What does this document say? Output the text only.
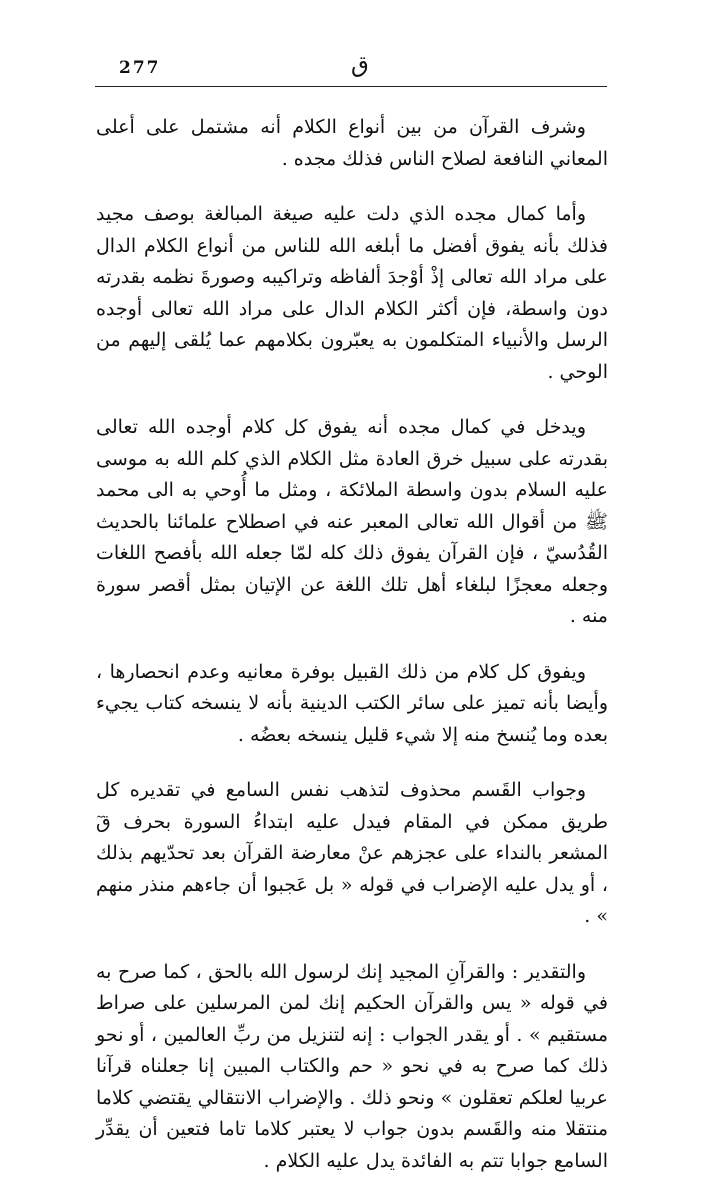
277	ق

وشرف القرآن من بين أنواع الكلام أنه مشتمل على أعلى المعاني النافعة لصلاح الناس فذلك مجده .

وأما كمال مجده الذي دلت عليه صيغة المبالغة بوصف مجيد فذلك بأنه يفوق أفضل ما أبلغه الله للناس من أنواع الكلام الدال على مراد الله تعالى إذْ أوْجدَ ألفاظه وتراكيبه وصورةَ نظمه بقدرته دون واسطة، فإن أكثر الكلام الدال على مراد الله تعالى أوجده الرسل والأنبياء المتكلمون به يعبّرون بكلامهم عما يُلقى إليهم من الوحي .

ويدخل في كمال مجده أنه يفوق كل كلام أوجده الله تعالى بقدرته على سبيل خرق العادة مثل الكلام الذي كلم الله به موسى عليه السلام بدون واسطة الملائكة ، ومثل ما أُوحي به الى محمد ﷺ من أقوال الله تعالى المعبر عنه في اصطلاح علمائنا بالحديث القُدُسيّ ، فإن القرآن يفوق ذلك كله لمّا جعله الله بأفصح اللغات وجعله معجزًا لبلغاء أهل تلك اللغة عن الإتيان بمثل أقصر سورة منه .

ويفوق كل كلام من ذلك القبيل بوفرة معانيه وعدم انحصارها ، وأيضا بأنه تميز على سائر الكتب الدينية بأنه لا ينسخه كتاب يجيء بعده وما يُنسخ منه إلا شيء قليل ينسخه بعضُه .

وجواب القَسم محذوف لتذهب نفس السامع في تقديره كل طريق ممكن في المقام فيدل عليه ابتداءُ السورة بحرف قٓ المشعر بالنداء على عجزهم عنْ معارضة القرآن بعد تحدّيهم بذلك ، أو يدل عليه الإضراب في قوله « بل عَجبوا أن جاءهم منذر منهم » .

والتقدير : والقرآنِ المجيد إنك لرسول الله بالحق ، كما صرح به في قوله « يس والقرآن الحكيم إنك لمن المرسلين على صراط مستقيم » . أو يقدر الجواب : إنه لتنزيل من ربِّ العالمين ، أو نحو ذلك كما صرح به في نحو « حم والكتاب المبين إنا جعلناه قرآنا عربيا لعلكم تعقلون » ونحو ذلك . والإضراب الانتقالي يقتضي كلاما منتقلا منه والقَسم بدون جواب لا يعتبر كلاما تاما فتعين أن يقدِّر السامع جوابا تتم به الفائدة يدل عليه الكلام .
